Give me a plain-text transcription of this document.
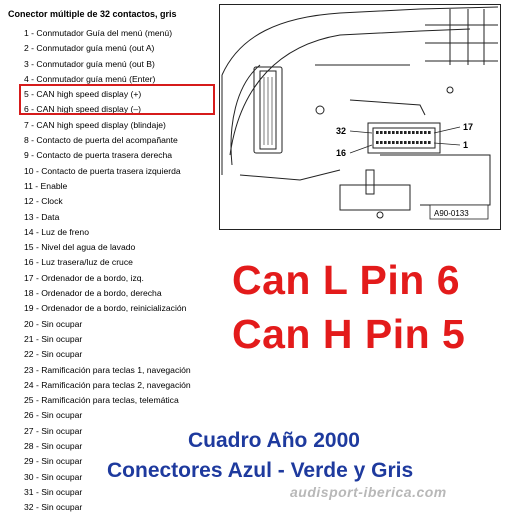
Conector múltiple de 32 contactos, gris
1 - Conmutador Guía del menú (menú)
2 - Conmutador guía menú (out A)
3 - Conmutador guía menú (out B)
4 - Conmutador guía menú (Enter)
5 - CAN high speed display (+)
6 - CAN high speed display (–)
7 - CAN high speed display (blindaje)
8 - Contacto de puerta del acompañante
9 - Contacto de puerta trasera derecha
10 - Contacto de puerta trasera izquierda
11 - Enable
12 - Clock
13 - Data
14 - Luz de freno
15 - Nivel del agua de lavado
16 - Luz trasera/luz de cruce
17 - Ordenador de a bordo, izq.
18 - Ordenador de a bordo, derecha
19 - Ordenador de a bordo, reinicialización
20 - Sin ocupar
21 - Sin ocupar
22 - Sin ocupar
23 - Ramificación para teclas 1, navegación
24 - Ramificación para teclas 2, navegación
25 - Ramificación para teclas, telemática
26 - Sin ocupar
27 - Sin ocupar
28 - Sin ocupar
29 - Sin ocupar
30 - Sin ocupar
31 - Sin ocupar
32 - Sin ocupar
32
16
17
1
A90-0133
Can L Pin 6
Can H Pin 5
Cuadro Año 2000
Conectores Azul - Verde y Gris
audisport-iberica.com
